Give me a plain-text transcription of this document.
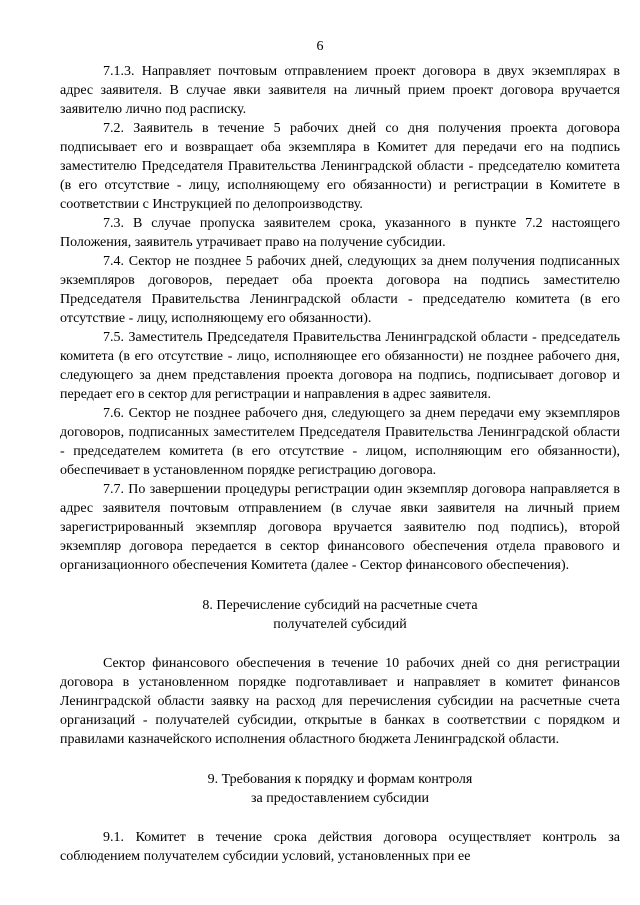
6

7.1.3. Направляет почтовым отправлением проект договора в двух экземплярах в адрес заявителя. В случае явки заявителя на личный прием проект договора вручается заявителю лично под расписку.

7.2. Заявитель в течение 5 рабочих дней со дня получения проекта договора подписывает его и возвращает оба экземпляра в Комитет для передачи его на подпись заместителю Председателя Правительства Ленинградской области - председателю комитета (в его отсутствие - лицу, исполняющему его обязанности) и регистрации в Комитете в соответствии с Инструкцией по делопроизводству.

7.3. В случае пропуска заявителем срока, указанного в пункте 7.2 настоящего Положения, заявитель утрачивает право на получение субсидии.

7.4. Сектор не позднее 5 рабочих дней, следующих за днем получения подписанных экземпляров договоров, передает оба проекта договора на подпись заместителю Председателя Правительства Ленинградской области - председателю комитета (в его отсутствие - лицу, исполняющему его обязанности).

7.5. Заместитель Председателя Правительства Ленинградской области - председатель комитета (в его отсутствие - лицо, исполняющее его обязанности) не позднее рабочего дня, следующего за днем представления проекта договора на подпись, подписывает договор и передает его в сектор для регистрации и направления в адрес заявителя.

7.6. Сектор не позднее рабочего дня, следующего за днем передачи ему экземпляров договоров, подписанных заместителем Председателя Правительства Ленинградской области - председателем комитета (в его отсутствие - лицом, исполняющим его обязанности), обеспечивает в установленном порядке регистрацию договора.

7.7. По завершении процедуры регистрации один экземпляр договора направляется в адрес заявителя почтовым отправлением (в случае явки заявителя на личный прием зарегистрированный экземпляр договора вручается заявителю под подпись), второй экземпляр договора передается в сектор финансового обеспечения отдела правового и организационного обеспечения Комитета (далее - Сектор финансового обеспечения).

8. Перечисление субсидий на расчетные счета
получателей субсидий

Сектор финансового обеспечения в течение 10 рабочих дней со дня регистрации договора в установленном порядке подготавливает и направляет в комитет финансов Ленинградской области заявку на расход для перечисления субсидии на расчетные счета организаций - получателей субсидии, открытые в банках в соответствии с порядком и правилами казначейского исполнения областного бюджета Ленинградской области.

9. Требования к порядку и формам контроля
за предоставлением субсидии

9.1. Комитет в течение срока действия договора осуществляет контроль за соблюдением получателем субсидии условий, установленных при ее
